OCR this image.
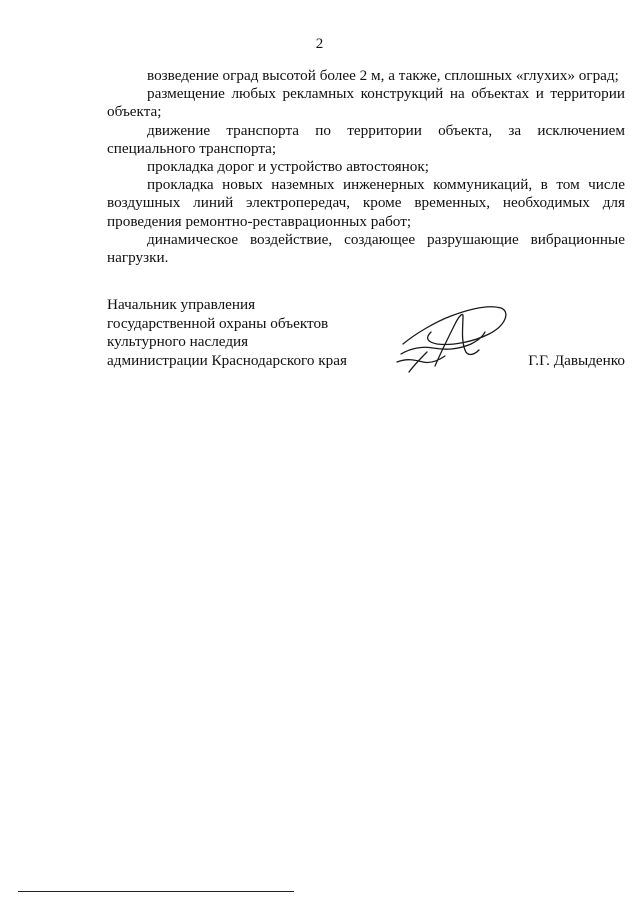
2

возведение оград высотой более 2 м, а также, сплошных «глухих» оград;

размещение любых рекламных конструкций на объектах и территории объекта;

движение транспорта по территории объекта, за исключением специального транспорта;

прокладка дорог и устройство автостоянок;

прокладка новых наземных инженерных коммуникаций, в том числе воздушных линий электропередач, кроме временных, необходимых для проведения ремонтно-реставрационных работ;

динамическое воздействие, создающее разрушающие вибрационные нагрузки.

Начальник управления
государственной охраны объектов
культурного наследия
администрации Краснодарского края	Г.Г. Давыденко
